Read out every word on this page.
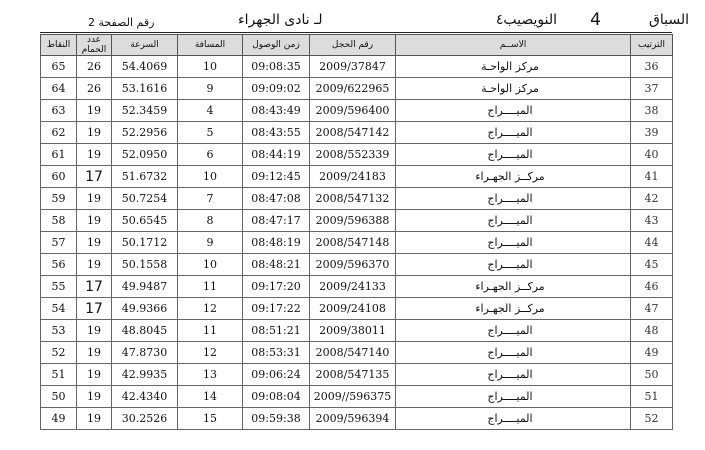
السباق
4
النويصيب٤
لـ نادى الجهراء
رقم الصفحة 2
النقاط	عدد الحمام	السرعة	المسافة	زمن الوصول	رقم الحجل	الاســم	الترتيب
65	26	54.4069	10	09:08:35	2009/37847	مركز الواحـة	36
64	26	53.1616	9	09:09:02	2009/622965	مركز الواحـة	37
63	19	52.3459	4	08:43:49	2009/596400	الميــــراج	38
62	19	52.2956	5	08:43:55	2008/547142	الميــــراج	39
61	19	52.0950	6	08:44:19	2008/552339	الميــــراج	40
60	17	51.6732	10	09:12:45	2009/24183	مركــز الجهـراء	41
59	19	50.7254	7	08:47:08	2008/547132	الميــــراج	42
58	19	50.6545	8	08:47:17	2009/596388	الميــــراج	43
57	19	50.1712	9	08:48:19	2008/547148	الميــــراج	44
56	19	50.1558	10	08:48:21	2009/596370	الميــــراج	45
55	17	49.9487	11	09:17:20	2009/24133	مركــز الجهـراء	46
54	17	49.9366	12	09:17:22	2009/24108	مركــز الجهـراء	47
53	19	48.8045	11	08:51:21	2009/38011	الميــــراج	48
52	19	47.8730	12	08:53:31	2008/547140	الميــــراج	49
51	19	42.9935	13	09:06:24	2008/547135	الميــــراج	50
50	19	42.4340	14	09:08:04	2009//596375	الميــــراج	51
49	19	30.2526	15	09:59:38	2009/596394	الميــــراج	52
